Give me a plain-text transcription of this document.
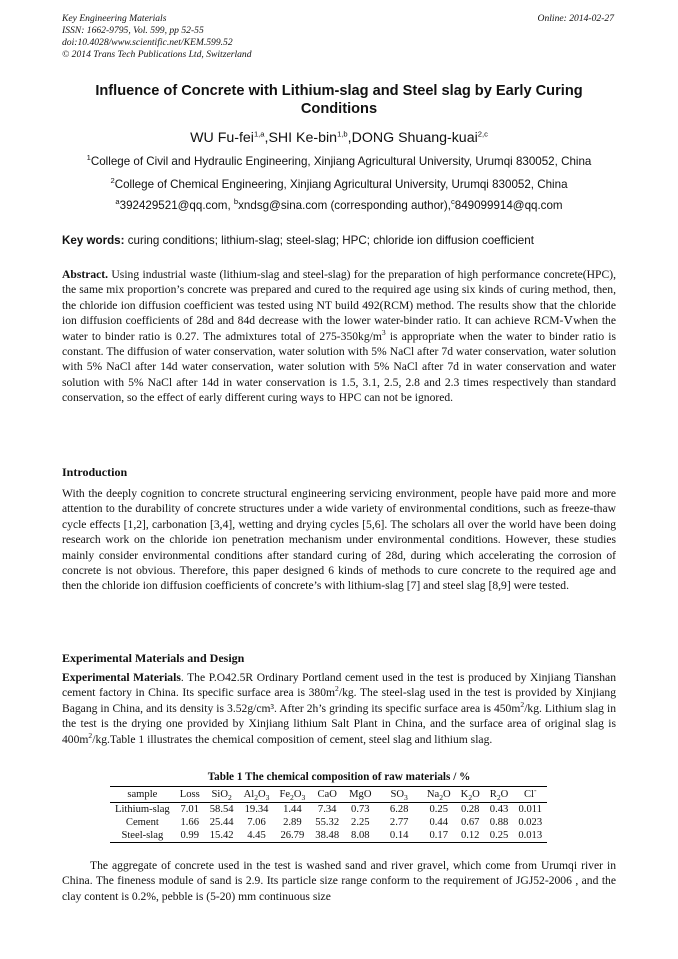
Key Engineering Materials
ISSN: 1662-9795, Vol. 599, pp 52-55
doi:10.4028/www.scientific.net/KEM.599.52
© 2014 Trans Tech Publications Ltd, Switzerland
Online: 2014-02-27
Influence of Concrete with Lithium-slag and Steel slag by Early Curing Conditions
WU Fu-fei$^{1,a}$,SHI Ke-bin$^{1,b}$,DONG Shuang-kuai$^{2,c}$
$^1$College of Civil and Hydraulic Engineering, Xinjiang Agricultural University, Urumqi 830052, China
$^2$College of Chemical Engineering, Xinjiang Agricultural University, Urumqi 830052, China
$^a$392429521@qq.com, $^b$xndsg@sina.com (corresponding author),$^c$849099914@qq.com
Key words: curing conditions; lithium-slag; steel-slag; HPC; chloride ion diffusion coefficient
Abstract. Using industrial waste (lithium-slag and steel-slag) for the preparation of high performance concrete(HPC), the same mix proportion’s concrete was prepared and cured to the required age using six kinds of curing method, then, the chloride ion diffusion coefficient was tested using NT build 492(RCM) method. The results show that the chloride ion diffusion coefficients of 28d and 84d decrease with the lower water-binder ratio. It can achieve RCM-Ⅴwhen the water to binder ratio is 0.27. The admixtures total of $275-350kg/m^3$ is appropriate when the water to binder ratio is constant. The diffusion of water conservation, water solution with 5% NaCl after 7d water conservation, water solution with 5% NaCl after 14d water conservation, water solution with 5% NaCl after 7d in water conservation and water solution with 5% NaCl after 14d in water conservation is 1.5, 3.1, 2.5, 2.8 and 2.3 times respectively than standard conservation, so the effect of early different curing ways to HPC can not be ignored.
Introduction
With the deeply cognition to concrete structural engineering servicing environment, people have paid more and more attention to the durability of concrete structures under a wide variety of environmental conditions, such as freeze-thaw cycle effects [1,2], carbonation [3,4], wetting and drying cycles [5,6]. The scholars all over the world have been doing research work on the chloride ion penetration mechanism under environmental conditions. However, these studies mainly consider environmental conditions after standard curing of 28d, during which accelerating the corrosion of concrete is not obvious. Therefore, this paper designed 6 kinds of methods to cure concrete to the required age and then the chloride ion diffusion coefficients of concrete’s with lithium-slag [7] and steel slag [8,9] were tested.
Experimental Materials and Design
Experimental Materials. The P.O42.5R Ordinary Portland cement used in the test is produced by Xinjiang Tianshan cement factory in China. Its specific surface area is $380m^2/kg$. The steel-slag used in the test is provided by Xinjiang Bagang in China, and its density is 3.52g/cm³. After 2h’s grinding its specific surface area is $450m^2/kg$. Lithium slag in the test is the drying one provided by Xinjiang lithium Salt Plant in China, and the surface area of original slag is $400m^2/kg.Table$ 1 illustrates the chemical composition of cement, steel slag and lithium slag.
Table 1 The chemical composition of raw materials / %
sample	Loss	SiO$_2$	$Al_2O_3$	$Fe_2O_3$	CaO	MgO	$SO_3$	$Na_2O$	$K_2O$	$R_2O$	Cl-
Lithium-slag	7.01	58.54	19.34	1.44	7.34	0.73	6.28	0.25	0.28	0.43	0.011
Cement	1.66	25.44	7.06	2.89	55.32	2.25	2.77	0.44	0.67	0.88	0.023
Steel-slag	0.99	15.42	4.45	26.79	38.48	8.08	0.14	0.17	0.12	0.25	0.013
The aggregate of concrete used in the test is washed sand and river gravel, which come from Urumqi river in China. The fineness module of sand is 2.9. Its particle size range conform to the requirement of JGJ52-2006 , and the clay content is 0.2%, pebble is (5-20) mm continuous size
